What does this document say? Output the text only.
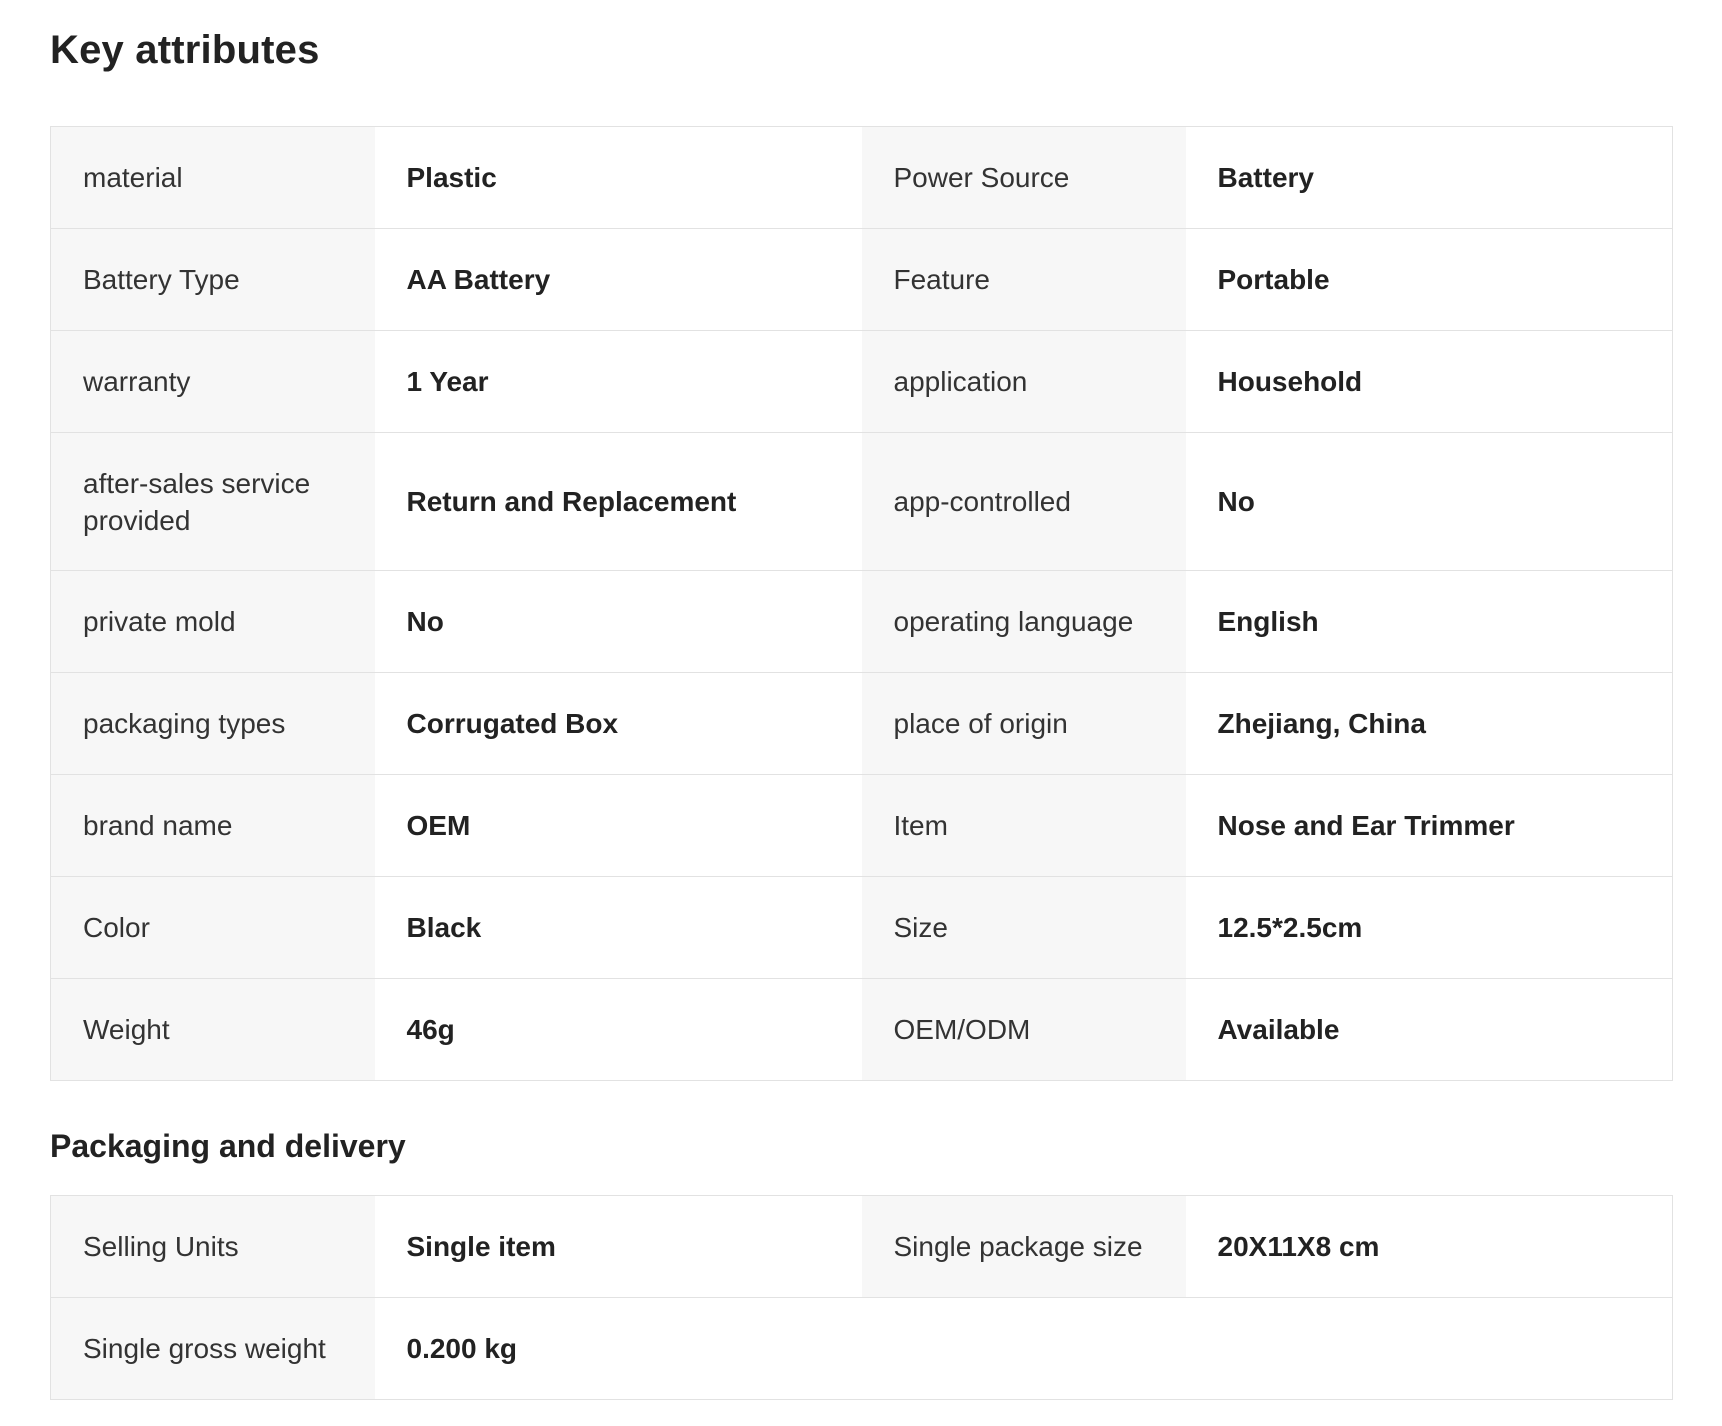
Key attributes
material	Plastic	Power Source	Battery
Battery Type	AA Battery	Feature	Portable
warranty	1 Year	application	Household
after-sales service provided	Return and Replacement	app-controlled	No
private mold	No	operating language	English
packaging types	Corrugated Box	place of origin	Zhejiang, China
brand name	OEM	Item	Nose and Ear Trimmer
Color	Black	Size	12.5*2.5cm
Weight	46g	OEM/ODM	Available
Packaging and delivery
Selling Units	Single item	Single package size	20X11X8 cm
Single gross weight	0.200 kg		
